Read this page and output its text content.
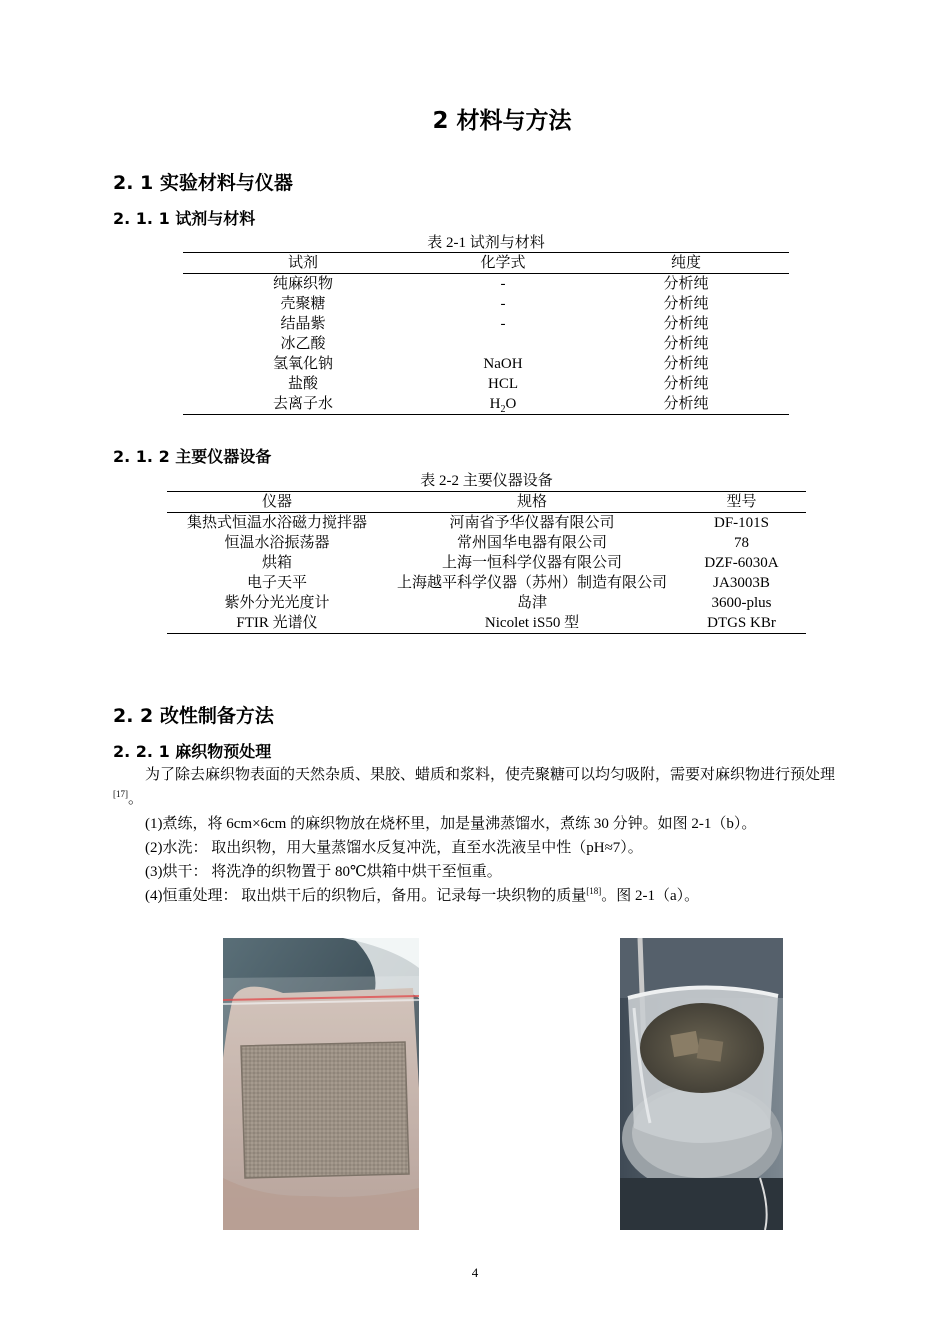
2 材料与方法
2. 1 实验材料与仪器
2. 1. 1 试剂与材料
表 2-1 试剂与材料
试剂	化学式	纯度
纯麻织物	-	分析纯
壳聚糖	-	分析纯
结晶紫	-	分析纯
冰乙酸		分析纯
氢氧化钠	NaOH	分析纯
盐酸	HCL	分析纯
去离子水	$H_2O$	分析纯
2. 1. 2 主要仪器设备
表 2-2 主要仪器设备
仪器	规格	型号
集热式恒温水浴磁力搅拌器	河南省予华仪器有限公司	DF-101S
恒温水浴振荡器	常州国华电器有限公司	78
烘箱	上海一恒科学仪器有限公司	DZF-6030A
电子天平	上海越平科学仪器（苏州）制造有限公司	JA3003B
紫外分光光度计	岛津	3600-plus
FTIR 光谱仪	Nicolet iS50 型	DTGS KBr
2. 2 改性制备方法
2. 2. 1 麻织物预处理
为了除去麻织物表面的天然杂质、果胶、蜡质和浆料，使壳聚糖可以均匀吸附，需要对麻织物进行预处理[17]。
(1)煮练，将 6cm×6cm 的麻织物放在烧杯里，加是量沸蒸馏水，煮练 30 分钟。如图 2-1（b）。
(2)水洗： 取出织物，用大量蒸馏水反复冲洗，直至水洗液呈中性（pH≈7）。
(3)烘干： 将洗净的织物置于 80℃烘箱中烘干至恒重。
(4)恒重处理： 取出烘干后的织物后，备用。记录每一块织物的质量[18]。图 2-1（a）。
4
